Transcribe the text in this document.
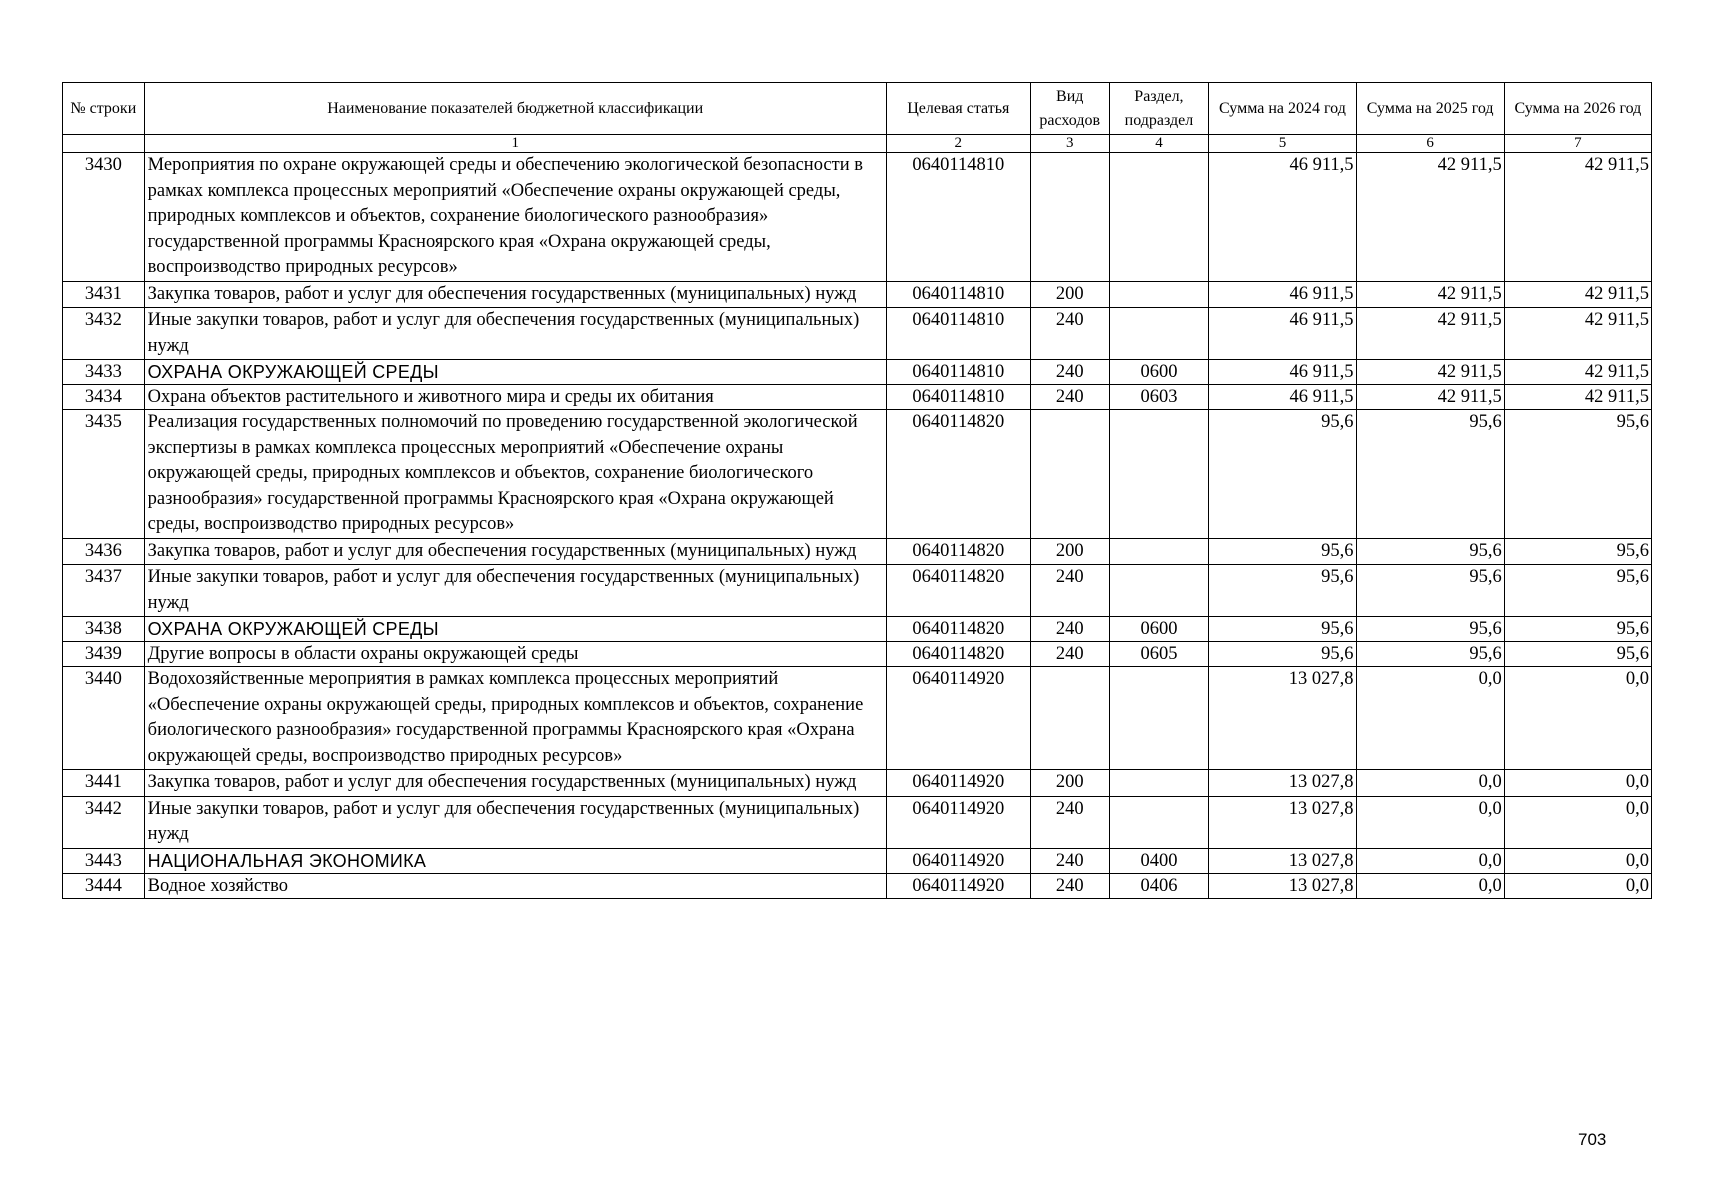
№ строки	Наименование показателей бюджетной классификации	Целевая статья	Вид расходов	Раздел, подраздел	Сумма на 2024 год	Сумма на 2025 год	Сумма на 2026 год
	1	2	3	4	5	6	7
3430	Мероприятия по охране окружающей среды и обеспечению экологической безопасности в рамках комплекса процессных мероприятий «Обеспечение охраны окружающей среды, природных комплексов и объектов, сохранение биологического разнообразия» государственной программы Красноярского края «Охрана окружающей среды, воспроизводство природных ресурсов»	0640114810			46 911,5	42 911,5	42 911,5
3431	Закупка товаров, работ и услуг для обеспечения государственных (муниципальных) нужд	0640114810	200		46 911,5	42 911,5	42 911,5
3432	Иные закупки товаров, работ и услуг для обеспечения государственных (муниципальных) нужд	0640114810	240		46 911,5	42 911,5	42 911,5
3433	ОХРАНА ОКРУЖАЮЩЕЙ СРЕДЫ	0640114810	240	0600	46 911,5	42 911,5	42 911,5
3434	Охрана объектов растительного и животного мира и среды их обитания	0640114810	240	0603	46 911,5	42 911,5	42 911,5
3435	Реализация государственных полномочий по проведению государственной экологической экспертизы в рамках комплекса процессных мероприятий «Обеспечение охраны окружающей среды, природных комплексов и объектов, сохранение биологического разнообразия» государственной программы Красноярского края «Охрана окружающей среды, воспроизводство природных ресурсов»	0640114820			95,6	95,6	95,6
3436	Закупка товаров, работ и услуг для обеспечения государственных (муниципальных) нужд	0640114820	200		95,6	95,6	95,6
3437	Иные закупки товаров, работ и услуг для обеспечения государственных (муниципальных) нужд	0640114820	240		95,6	95,6	95,6
3438	ОХРАНА ОКРУЖАЮЩЕЙ СРЕДЫ	0640114820	240	0600	95,6	95,6	95,6
3439	Другие вопросы в области охраны окружающей среды	0640114820	240	0605	95,6	95,6	95,6
3440	Водохозяйственные мероприятия в рамках комплекса процессных мероприятий «Обеспечение охраны окружающей среды, природных комплексов и объектов, сохранение биологического разнообразия» государственной программы Красноярского края «Охрана окружающей среды, воспроизводство природных ресурсов»	0640114920			13 027,8	0,0	0,0
3441	Закупка товаров, работ и услуг для обеспечения государственных (муниципальных) нужд	0640114920	200		13 027,8	0,0	0,0
3442	Иные закупки товаров, работ и услуг для обеспечения государственных (муниципальных) нужд	0640114920	240		13 027,8	0,0	0,0
3443	НАЦИОНАЛЬНАЯ ЭКОНОМИКА	0640114920	240	0400	13 027,8	0,0	0,0
3444	Водное хозяйство	0640114920	240	0406	13 027,8	0,0	0,0
703
